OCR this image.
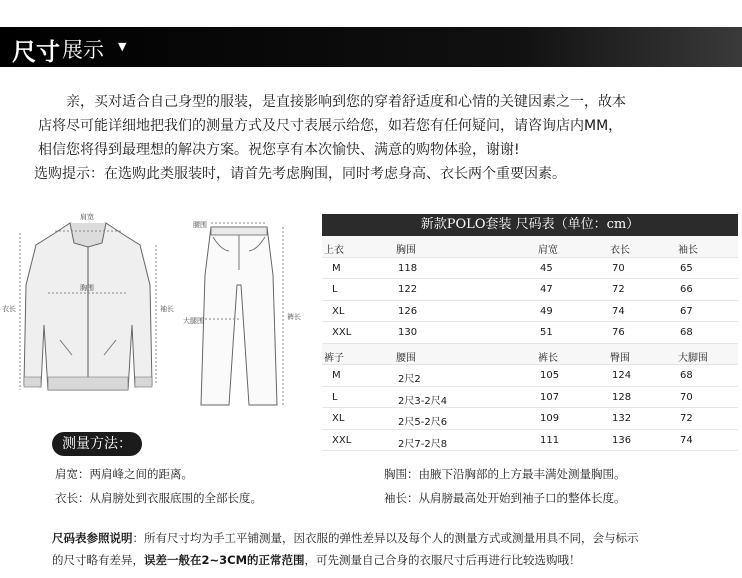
尺寸 展示 ▼

亲，买对适合自己身型的服装，是直接影响到您的穿着舒适度和心情的关键因素之一，故本

店将尽可能详细地把我们的测量方式及尺寸表展示给您，如若您有任何疑问，请咨询店内MM，

相信您将得到最理想的解决方案。祝您享有本次愉快、满意的购物体验，谢谢!

选购提示：在选购此类服装时，请首先考虑胸围，同时考虑身高、衣长两个重要因素。

肩宽
胸围
衣长	袖长
腰围
大腿围	裤长
新款POLO套装 尺码表（单位：cm）
上衣	胸围	肩宽	衣长	袖长
M	118	45	70	65
L	122	47	72	66
XL	126	49	74	67
XXL	130	51	76	68
裤子	腰围	裤长	臀围	大脚围
M	2尺2	105	124	68
L	2尺3-2尺4	107	128	70
XL	2尺5-2尺6	109	132	72
XXL	2尺7-2尺8	111	136	74
测量方法：
肩宽：两肩峰之间的距离。	胸围：由腋下沿胸部的上方最丰满处测量胸围。
衣长：从肩膀处到衣服底围的全部长度。	袖长：从肩膀最高处开始到袖子口的整体长度。
尺码表参照说明：所有尺寸均为手工平铺测量，因衣服的弹性差异以及每个人的测量方式或测量用具不同，会与标示
的尺寸略有差异，误差一般在2~3CM的正常范围，可先测量自己合身的衣服尺寸后再进行比较选购哦！
